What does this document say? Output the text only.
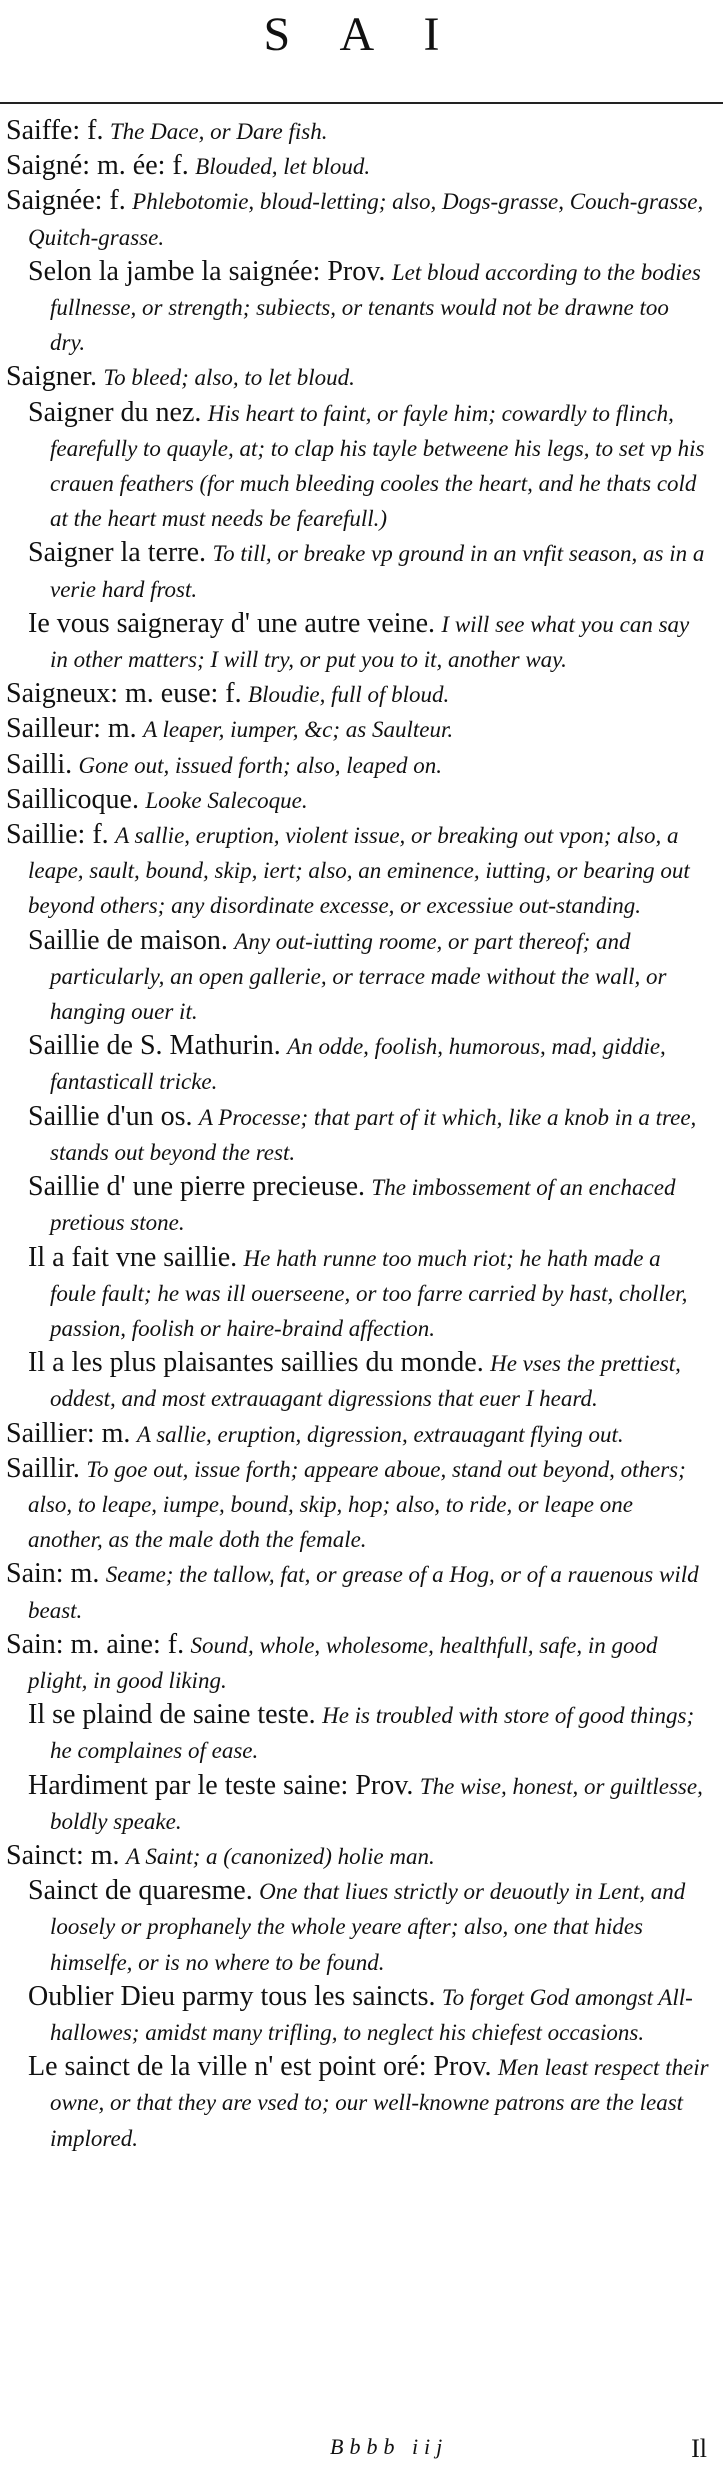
S A I
Saiffe: f. The Dace, or Dare fish.
Saigné: m. ée: f. Blouded, let bloud.
Saignée: f. Phlebotomie, bloud-letting; also, Dogs-grasse, Couch-grasse, Quitch-grasse.
Selon la jambe la saignée: Prov. Let bloud according to the bodies fullnesse, or strength; subiects, or tenants would not be drawne too dry.
Saigner. To bleed; also, to let bloud.
Saigner du nez. His heart to faint, or fayle him; cowardly to flinch, fearefully to quayle, at; to clap his tayle betweene his legs, to set vp his crauen feathers (for much bleeding cooles the heart, and he thats cold at the heart must needs be fearefull.)
Saigner la terre. To till, or breake vp ground in an vnfit season, as in a verie hard frost.
Ie vous saigneray d' une autre veine. I will see what you can say in other matters; I will try, or put you to it, another way.
Saigneux: m. euse: f. Bloudie, full of bloud.
Sailleur: m. A leaper, iumper, &c; as Saulteur.
Sailli. Gone out, issued forth; also, leaped on.
Saillicoque. Looke Salecoque.
Saillie: f. A sallie, eruption, violent issue, or breaking out vpon; also, a leape, sault, bound, skip, iert; also, an eminence, iutting, or bearing out beyond others; any disordinate excesse, or excessiue out-standing.
Saillie de maison. Any out-iutting roome, or part thereof; and particularly, an open gallerie, or terrace made without the wall, or hanging ouer it.
Saillie de S. Mathurin. An odde, foolish, humorous, mad, giddie, fantasticall tricke.
Saillie d'un os. A Processe; that part of it which, like a knob in a tree, stands out beyond the rest.
Saillie d' une pierre precieuse. The imbossement of an enchaced pretious stone.
Il a fait vne saillie. He hath runne too much riot; he hath made a foule fault; he was ill ouerseene, or too farre carried by hast, choller, passion, foolish or haire-braind affection.
Il a les plus plaisantes saillies du monde. He vses the prettiest, oddest, and most extrauagant digressions that euer I heard.
Saillier: m. A sallie, eruption, digression, extrauagant flying out.
Saillir. To goe out, issue forth; appeare aboue, stand out beyond, others; also, to leape, iumpe, bound, skip, hop; also, to ride, or leape one another, as the male doth the female.
Sain: m. Seame; the tallow, fat, or grease of a Hog, or of a rauenous wild beast.
Sain: m. aine: f. Sound, whole, wholesome, healthfull, safe, in good plight, in good liking.
Il se plaind de saine teste. He is troubled with store of good things; he complaines of ease.
Hardiment par le teste saine: Prov. The wise, honest, or guiltlesse, boldly speake.
Sainct: m. A Saint; a (canonized) holie man.
Sainct de quaresme. One that liues strictly or deuoutly in Lent, and loosely or prophanely the whole yeare after; also, one that hides himselfe, or is no where to be found.
Oublier Dieu parmy tous les saincts. To forget God amongst All-hallowes; amidst many trifling, to neglect his chiefest occasions.
Le sainct de la ville n' est point oré: Prov. Men least respect their owne, or that they are vsed to; our well-knowne patrons are the least implored.
Bbbb iij	Il
